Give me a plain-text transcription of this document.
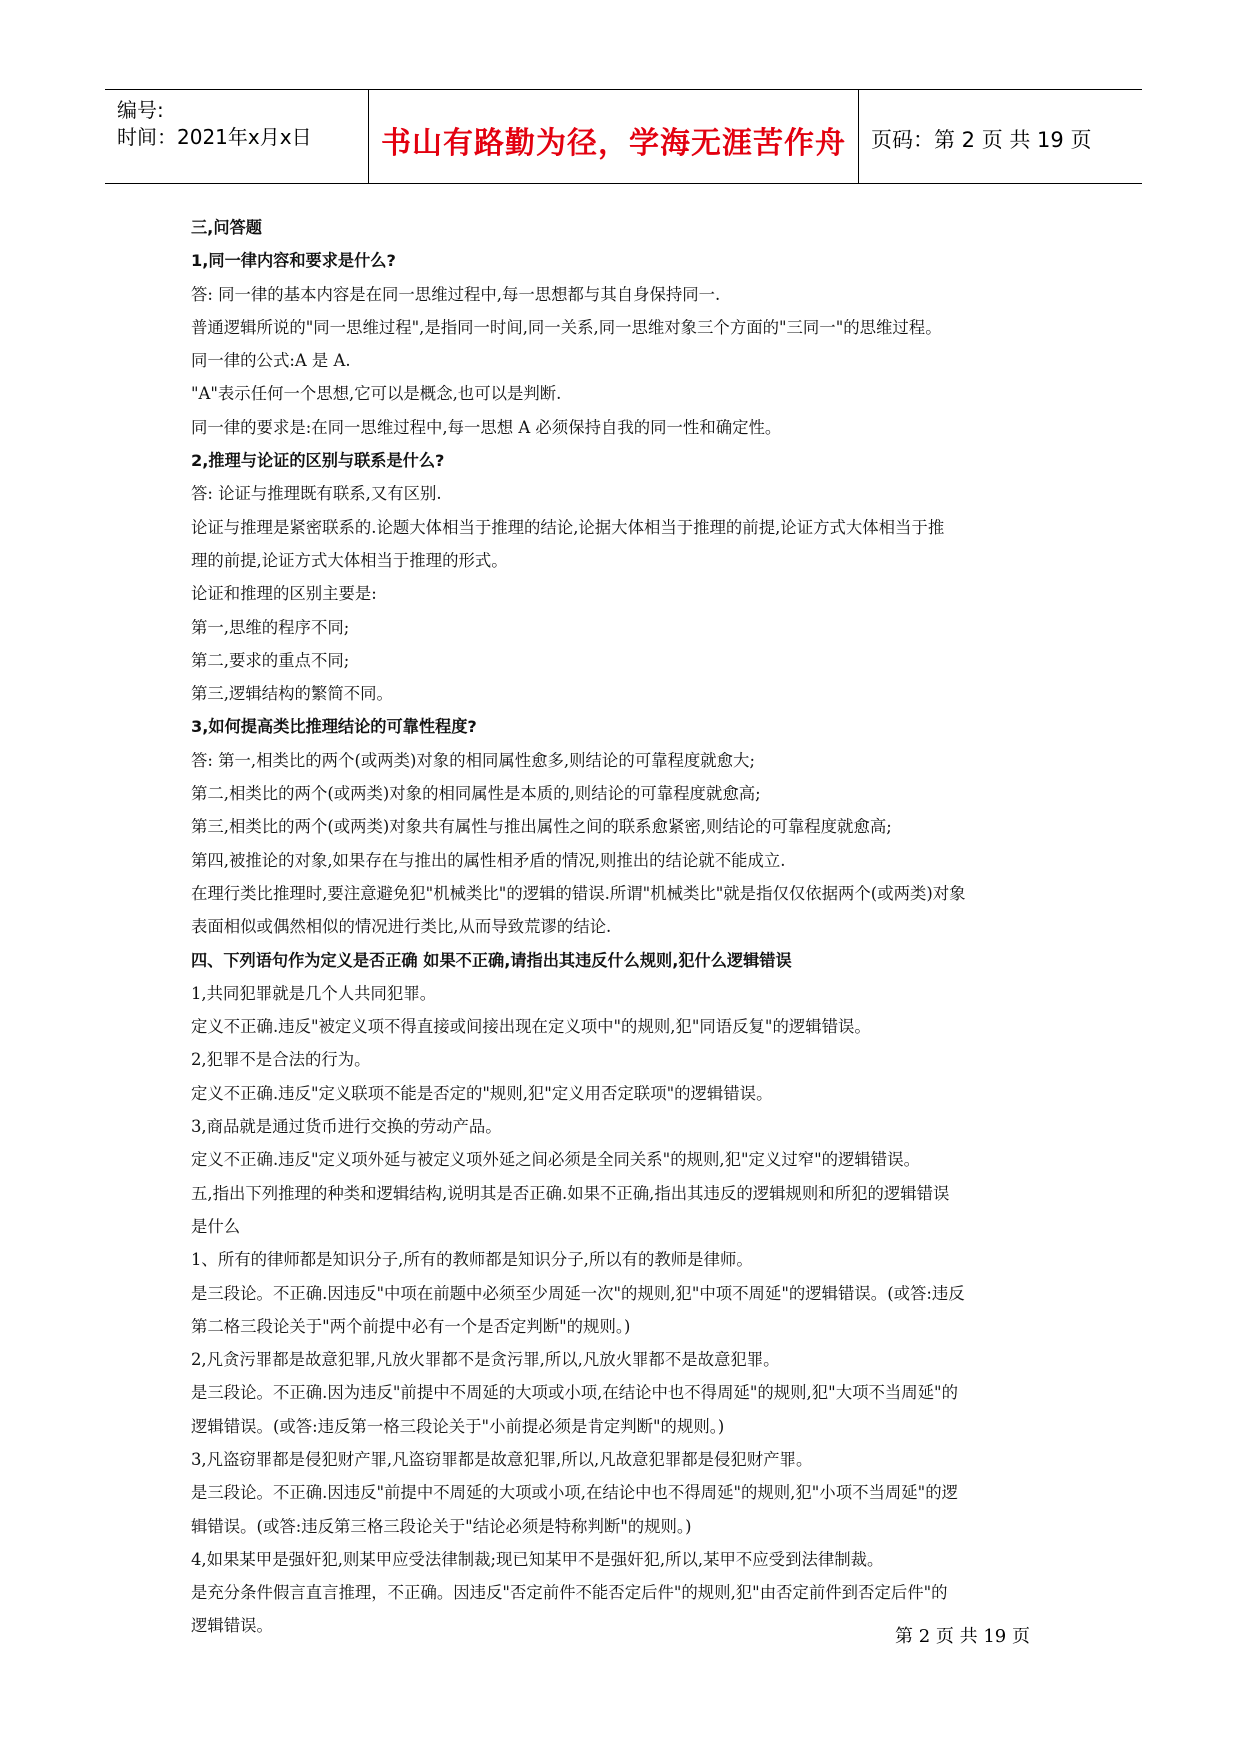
编号:
时间：2021年x月x日	书山有路勤为径，学海无涯苦作舟	页码：第 2 页 共 19 页
三,问答题
1,同一律内容和要求是什么?
答: 同一律的基本内容是在同一思维过程中,每一思想都与其自身保持同一.
普通逻辑所说的"同一思维过程",是指同一时间,同一关系,同一思维对象三个方面的"三同一"的思维过程。
同一律的公式:A 是 A.
"A"表示任何一个思想,它可以是概念,也可以是判断.
同一律的要求是:在同一思维过程中,每一思想 A 必须保持自我的同一性和确定性。
2,推理与论证的区别与联系是什么?
答: 论证与推理既有联系,又有区别.
论证与推理是紧密联系的.论题大体相当于推理的结论,论据大体相当于推理的前提,论证方式大体相当于推
理的前提,论证方式大体相当于推理的形式。
论证和推理的区别主要是:
第一,思维的程序不同;
第二,要求的重点不同;
第三,逻辑结构的繁简不同。
3,如何提高类比推理结论的可靠性程度?
答: 第一,相类比的两个(或两类)对象的相同属性愈多,则结论的可靠程度就愈大;
第二,相类比的两个(或两类)对象的相同属性是本质的,则结论的可靠程度就愈高;
第三,相类比的两个(或两类)对象共有属性与推出属性之间的联系愈紧密,则结论的可靠程度就愈高;
第四,被推论的对象,如果存在与推出的属性相矛盾的情况,则推出的结论就不能成立.
在理行类比推理时,要注意避免犯"机械类比"的逻辑的错误.所谓"机械类比"就是指仅仅依据两个(或两类)对象
表面相似或偶然相似的情况进行类比,从而导致荒谬的结论.
四、下列语句作为定义是否正确 如果不正确,请指出其违反什么规则,犯什么逻辑错误
1,共同犯罪就是几个人共同犯罪。
定义不正确.违反"被定义项不得直接或间接出现在定义项中"的规则,犯"同语反复"的逻辑错误。
2,犯罪不是合法的行为。
定义不正确.违反"定义联项不能是否定的"规则,犯"定义用否定联项"的逻辑错误。
3,商品就是通过货币进行交换的劳动产品。
定义不正确.违反"定义项外延与被定义项外延之间必须是全同关系"的规则,犯"定义过窄"的逻辑错误。
五,指出下列推理的种类和逻辑结构,说明其是否正确.如果不正确,指出其违反的逻辑规则和所犯的逻辑错误
是什么
1、所有的律师都是知识分子,所有的教师都是知识分子,所以有的教师是律师。
是三段论。不正确.因违反"中项在前题中必须至少周延一次"的规则,犯"中项不周延"的逻辑错误。(或答:违反
第二格三段论关于"两个前提中必有一个是否定判断"的规则。)
2,凡贪污罪都是故意犯罪,凡放火罪都不是贪污罪,所以,凡放火罪都不是故意犯罪。
是三段论。不正确.因为违反"前提中不周延的大项或小项,在结论中也不得周延"的规则,犯"大项不当周延"的
逻辑错误。(或答:违反第一格三段论关于"小前提必须是肯定判断"的规则。)
3,凡盗窃罪都是侵犯财产罪,凡盗窃罪都是故意犯罪,所以,凡故意犯罪都是侵犯财产罪。
是三段论。不正确.因违反"前提中不周延的大项或小项,在结论中也不得周延"的规则,犯"小项不当周延"的逻
辑错误。(或答:违反第三格三段论关于"结论必须是特称判断"的规则。)
4,如果某甲是强奸犯,则某甲应受法律制裁;现已知某甲不是强奸犯,所以,某甲不应受到法律制裁。
是充分条件假言直言推理，不正确。因违反"否定前件不能否定后件"的规则,犯"由否定前件到否定后件"的
逻辑错误。
第 2 页 共 19 页
